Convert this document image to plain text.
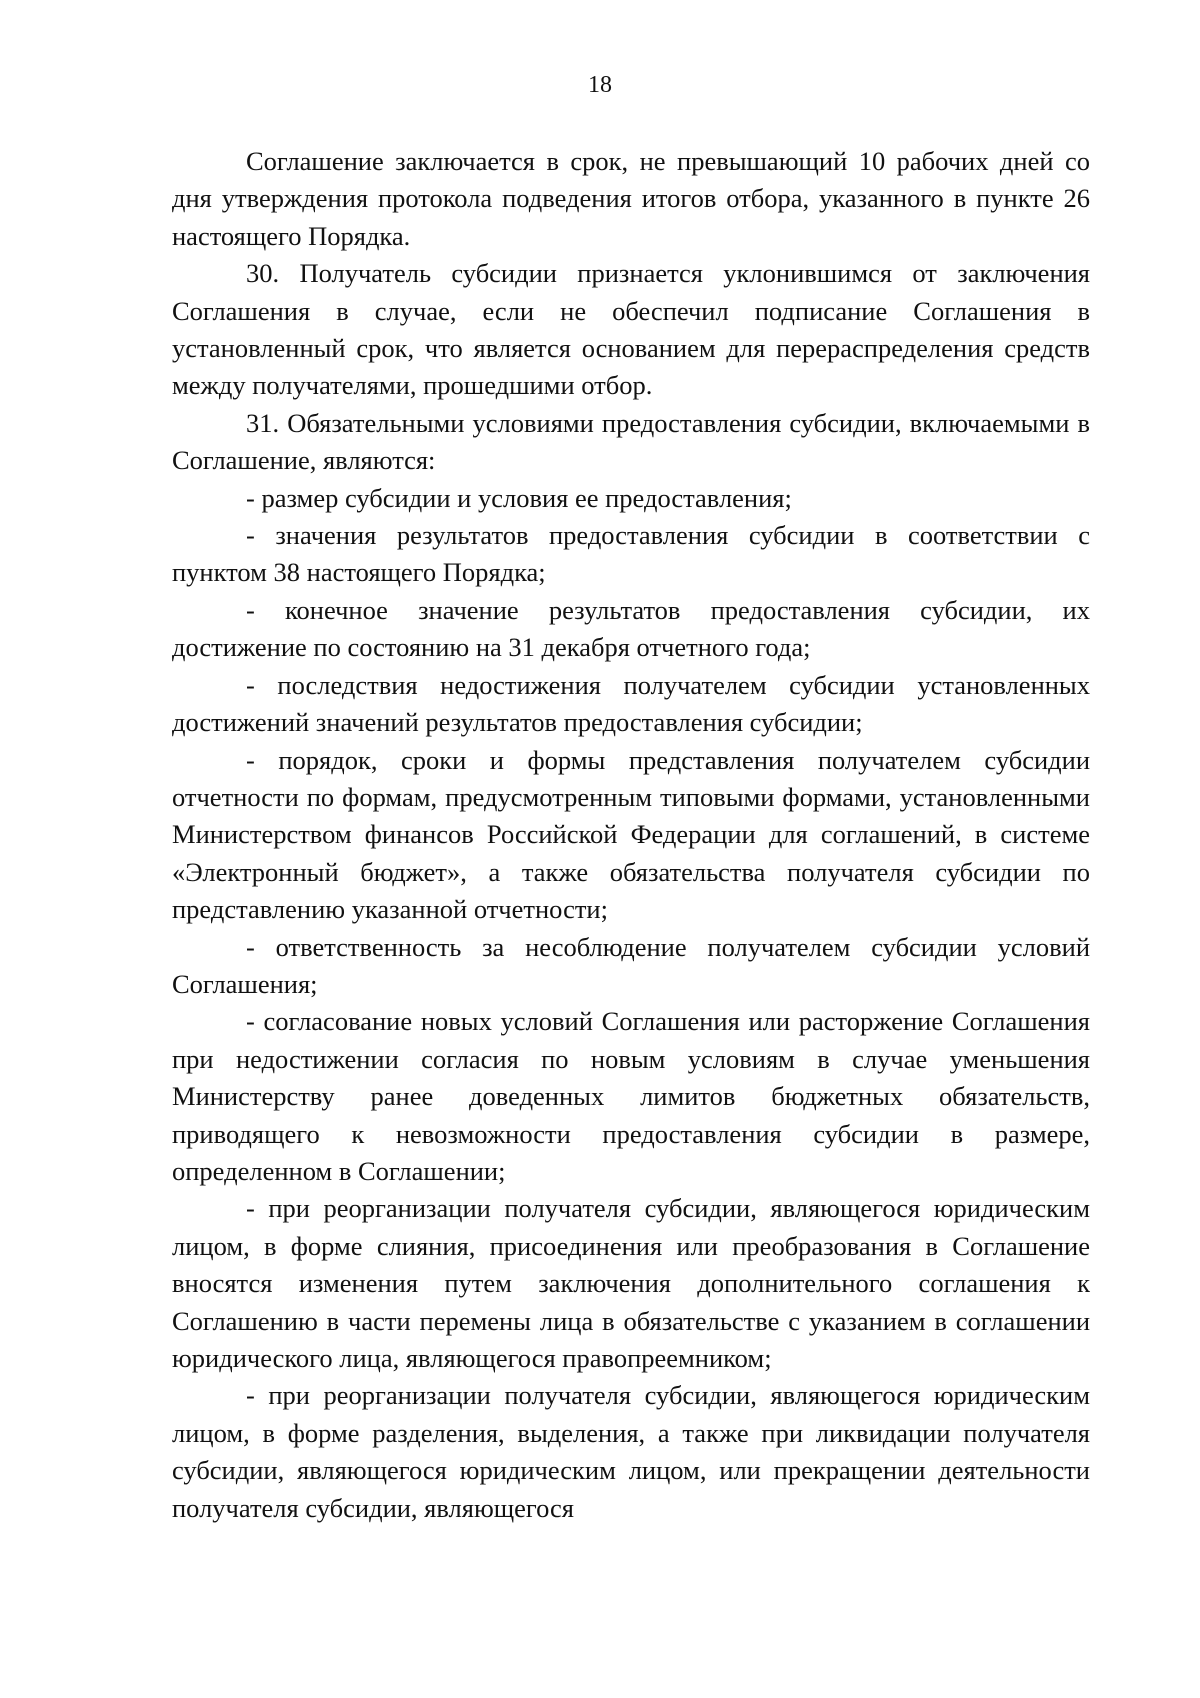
18

Соглашение заключается в срок, не превышающий 10 рабочих дней со дня утверждения протокола подведения итогов отбора, указанного в пункте 26 настоящего Порядка.

30. Получатель субсидии признается уклонившимся от заключения Соглашения в случае, если не обеспечил подписание Соглашения в установленный срок, что является основанием для перераспределения средств между получателями, прошедшими отбор.

31. Обязательными условиями предоставления субсидии, включаемыми в Соглашение, являются:

- размер субсидии и условия ее предоставления;

- значения результатов предоставления субсидии в соответствии с пунктом 38 настоящего Порядка;

- конечное значение результатов предоставления субсидии, их достижение по состоянию на 31 декабря отчетного года;

- последствия недостижения получателем субсидии установленных достижений значений результатов предоставления субсидии;

- порядок, сроки и формы представления получателем субсидии отчетности по формам, предусмотренным типовыми формами, установленными Министерством финансов Российской Федерации для соглашений, в системе «Электронный бюджет», а также обязательства получателя субсидии по представлению указанной отчетности;

- ответственность за несоблюдение получателем субсидии условий Соглашения;

- согласование новых условий Соглашения или расторжение Соглашения при недостижении согласия по новым условиям в случае уменьшения Министерству ранее доведенных лимитов бюджетных обязательств, приводящего к невозможности предоставления субсидии в размере, определенном в Соглашении;

- при реорганизации получателя субсидии, являющегося юридическим лицом, в форме слияния, присоединения или преобразования в Соглашение вносятся изменения путем заключения дополнительного соглашения к Соглашению в части перемены лица в обязательстве с указанием в соглашении юридического лица, являющегося правопреемником;

- при реорганизации получателя субсидии, являющегося юридическим лицом, в форме разделения, выделения, а также при ликвидации получателя субсидии, являющегося юридическим лицом, или прекращении деятельности получателя субсидии, являющегося
